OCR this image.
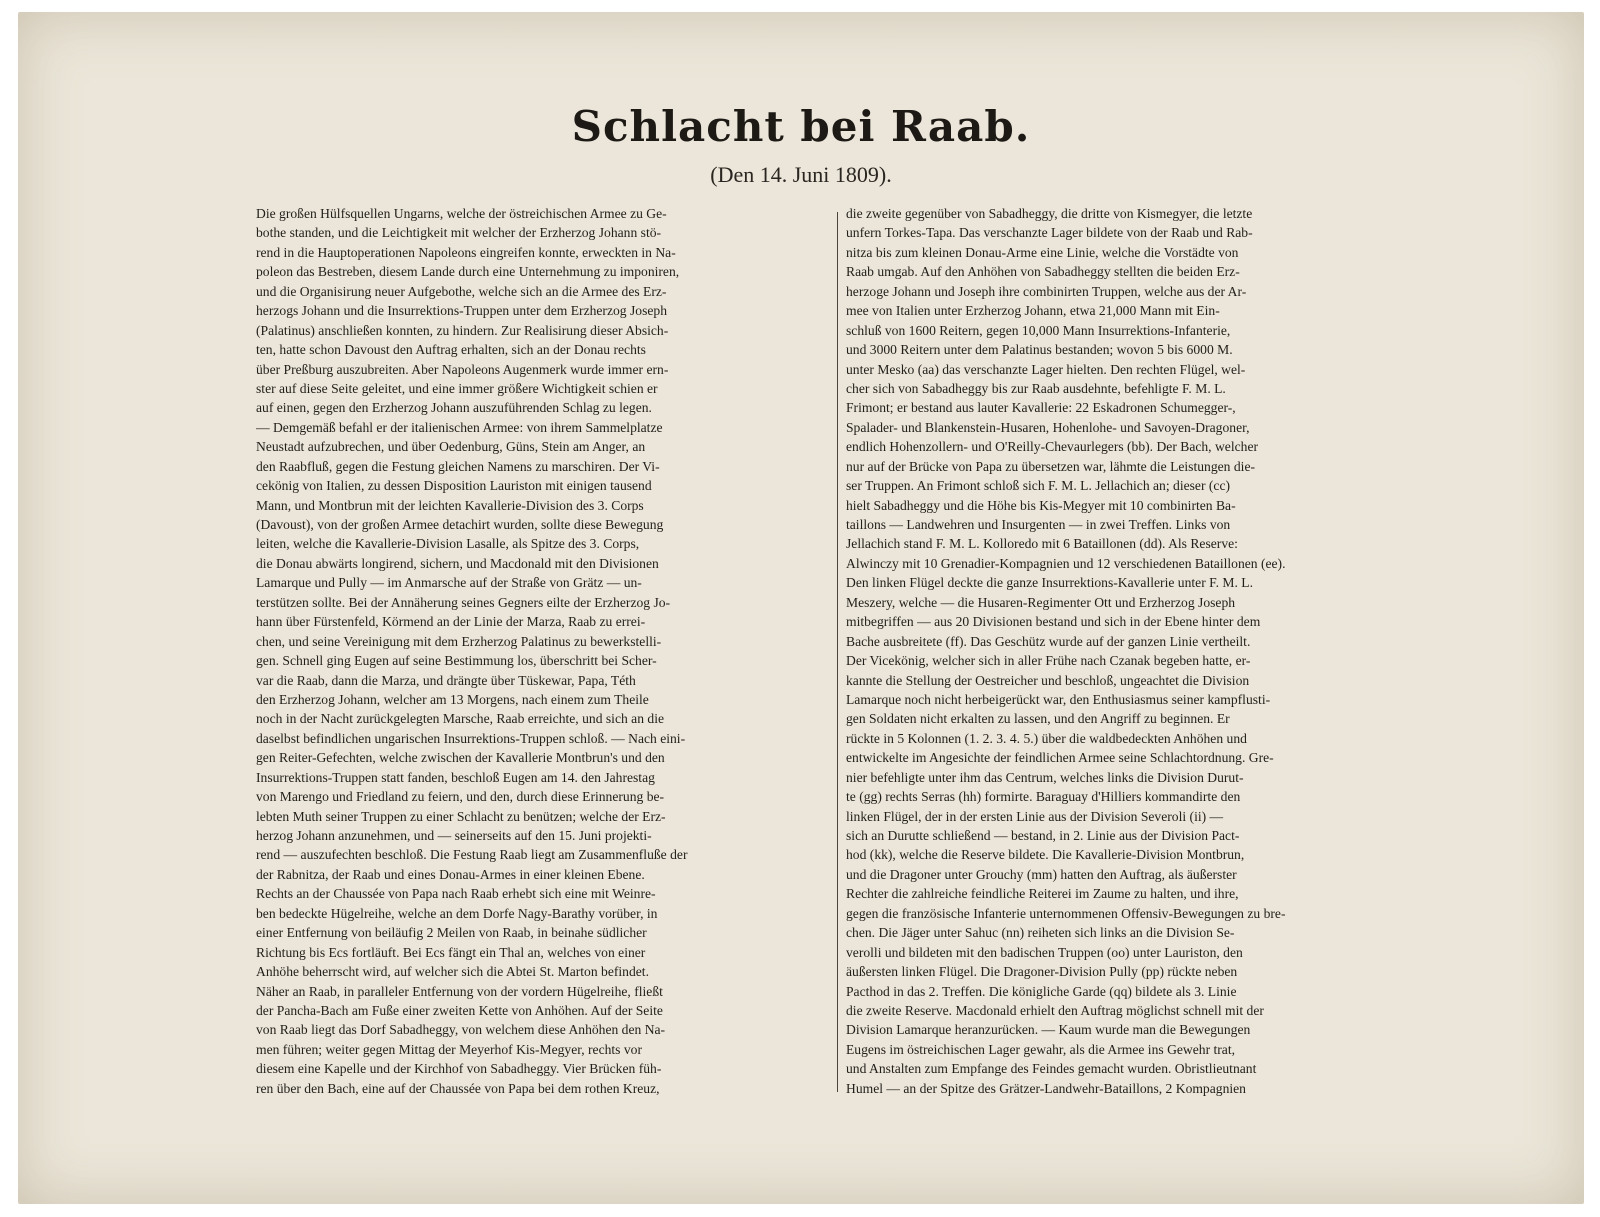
Schlacht bei Raab.
(Den 14. Juni 1809).
Die großen Hülfsquellen Ungarns, welche der östreichischen Armee zu Ge-
bothe standen, und die Leichtigkeit mit welcher der Erzherzog Johann stö-
rend in die Hauptoperationen Napoleons eingreifen konnte, erweckten in Na-
poleon das Bestreben, diesem Lande durch eine Unternehmung zu imponiren,
und die Organisirung neuer Aufgebothe, welche sich an die Armee des Erz-
herzogs Johann und die Insurrektions-Truppen unter dem Erzherzog Joseph
(Palatinus) anschließen konnten, zu hindern. Zur Realisirung dieser Absich-
ten, hatte schon Davoust den Auftrag erhalten, sich an der Donau rechts
über Preßburg auszubreiten. Aber Napoleons Augenmerk wurde immer ern-
ster auf diese Seite geleitet, und eine immer größere Wichtigkeit schien er
auf einen, gegen den Erzherzog Johann auszuführenden Schlag zu legen.
— Demgemäß befahl er der italienischen Armee: von ihrem Sammelplatze
Neustadt aufzubrechen, und über Oedenburg, Güns, Stein am Anger, an
den Raabfluß, gegen die Festung gleichen Namens zu marschiren. Der Vi-
cekönig von Italien, zu dessen Disposition Lauriston mit einigen tausend
Mann, und Montbrun mit der leichten Kavallerie-Division des 3. Corps
(Davoust), von der großen Armee detachirt wurden, sollte diese Bewegung
leiten, welche die Kavallerie-Division Lasalle, als Spitze des 3. Corps,
die Donau abwärts longirend, sichern, und Macdonald mit den Divisionen
Lamarque und Pully — im Anmarsche auf der Straße von Grätz — un-
terstützen sollte. Bei der Annäherung seines Gegners eilte der Erzherzog Jo-
hann über Fürstenfeld, Körmend an der Linie der Marza, Raab zu errei-
chen, und seine Vereinigung mit dem Erzherzog Palatinus zu bewerkstelli-
gen. Schnell ging Eugen auf seine Bestimmung los, überschritt bei Scher-
var die Raab, dann die Marza, und drängte über Tüskewar, Papa, Téth
den Erzherzog Johann, welcher am 13 Morgens, nach einem zum Theile
noch in der Nacht zurückgelegten Marsche, Raab erreichte, und sich an die
daselbst befindlichen ungarischen Insurrektions-Truppen schloß. — Nach eini-
gen Reiter-Gefechten, welche zwischen der Kavallerie Montbrun's und den
Insurrektions-Truppen statt fanden, beschloß Eugen am 14. den Jahrestag
von Marengo und Friedland zu feiern, und den, durch diese Erinnerung be-
lebten Muth seiner Truppen zu einer Schlacht zu benützen; welche der Erz-
herzog Johann anzunehmen, und — seinerseits auf den 15. Juni projekti-
rend — auszufechten beschloß. Die Festung Raab liegt am Zusammenfluße der
der Rabnitza, der Raab und eines Donau-Armes in einer kleinen Ebene.
Rechts an der Chaussée von Papa nach Raab erhebt sich eine mit Weinre-
ben bedeckte Hügelreihe, welche an dem Dorfe Nagy-Barathy vorüber, in
einer Entfernung von beiläufig 2 Meilen von Raab, in beinahe südlicher
Richtung bis Ecs fortläuft. Bei Ecs fängt ein Thal an, welches von einer
Anhöhe beherrscht wird, auf welcher sich die Abtei St. Marton befindet.
Näher an Raab, in paralleler Entfernung von der vordern Hügelreihe, fließt
der Pancha-Bach am Fuße einer zweiten Kette von Anhöhen. Auf der Seite
von Raab liegt das Dorf Sabadheggy, von welchem diese Anhöhen den Na-
men führen; weiter gegen Mittag der Meyerhof Kis-Megyer, rechts vor
diesem eine Kapelle und der Kirchhof von Sabadheggy. Vier Brücken füh-
ren über den Bach, eine auf der Chaussée von Papa bei dem rothen Kreuz,
die zweite gegenüber von Sabadheggy, die dritte von Kismegyer, die letzte
unfern Torkes-Tapa. Das verschanzte Lager bildete von der Raab und Rab-
nitza bis zum kleinen Donau-Arme eine Linie, welche die Vorstädte von
Raab umgab. Auf den Anhöhen von Sabadheggy stellten die beiden Erz-
herzoge Johann und Joseph ihre combinirten Truppen, welche aus der Ar-
mee von Italien unter Erzherzog Johann, etwa 21,000 Mann mit Ein-
schluß von 1600 Reitern, gegen 10,000 Mann Insurrektions-Infanterie,
und 3000 Reitern unter dem Palatinus bestanden; wovon 5 bis 6000 M.
unter Mesko (aa) das verschanzte Lager hielten. Den rechten Flügel, wel-
cher sich von Sabadheggy bis zur Raab ausdehnte, befehligte F. M. L.
Frimont; er bestand aus lauter Kavallerie: 22 Eskadronen Schumegger-,
Spalader- und Blankenstein-Husaren, Hohenlohe- und Savoyen-Dragoner,
endlich Hohenzollern- und O'Reilly-Chevaurlegers (bb). Der Bach, welcher
nur auf der Brücke von Papa zu übersetzen war, lähmte die Leistungen die-
ser Truppen. An Frimont schloß sich F. M. L. Jellachich an; dieser (cc)
hielt Sabadheggy und die Höhe bis Kis-Megyer mit 10 combinirten Ba-
taillons — Landwehren und Insurgenten — in zwei Treffen. Links von
Jellachich stand F. M. L. Kolloredo mit 6 Bataillonen (dd). Als Reserve:
Alwinczy mit 10 Grenadier-Kompagnien und 12 verschiedenen Bataillonen (ee).
Den linken Flügel deckte die ganze Insurrektions-Kavallerie unter F. M. L.
Meszery, welche — die Husaren-Regimenter Ott und Erzherzog Joseph
mitbegriffen — aus 20 Divisionen bestand und sich in der Ebene hinter dem
Bache ausbreitete (ff). Das Geschütz wurde auf der ganzen Linie vertheilt.
Der Vicekönig, welcher sich in aller Frühe nach Czanak begeben hatte, er-
kannte die Stellung der Oestreicher und beschloß, ungeachtet die Division
Lamarque noch nicht herbeigerückt war, den Enthusiasmus seiner kampflusti-
gen Soldaten nicht erkalten zu lassen, und den Angriff zu beginnen. Er
rückte in 5 Kolonnen (1. 2. 3. 4. 5.) über die waldbedeckten Anhöhen und
entwickelte im Angesichte der feindlichen Armee seine Schlachtordnung. Gre-
nier befehligte unter ihm das Centrum, welches links die Division Durut-
te (gg) rechts Serras (hh) formirte. Baraguay d'Hilliers kommandirte den
linken Flügel, der in der ersten Linie aus der Division Severoli (ii) —
sich an Durutte schließend — bestand, in 2. Linie aus der Division Pact-
hod (kk), welche die Reserve bildete. Die Kavallerie-Division Montbrun,
und die Dragoner unter Grouchy (mm) hatten den Auftrag, als äußerster
Rechter die zahlreiche feindliche Reiterei im Zaume zu halten, und ihre,
gegen die französische Infanterie unternommenen Offensiv-Bewegungen zu bre-
chen. Die Jäger unter Sahuc (nn) reiheten sich links an die Division Se-
verolli und bildeten mit den badischen Truppen (oo) unter Lauriston, den
äußersten linken Flügel. Die Dragoner-Division Pully (pp) rückte neben
Pacthod in das 2. Treffen. Die königliche Garde (qq) bildete als 3. Linie
die zweite Reserve. Macdonald erhielt den Auftrag möglichst schnell mit der
Division Lamarque heranzurücken. — Kaum wurde man die Bewegungen
Eugens im östreichischen Lager gewahr, als die Armee ins Gewehr trat,
und Anstalten zum Empfange des Feindes gemacht wurden. Obristlieutnant
Humel — an der Spitze des Grätzer-Landwehr-Bataillons, 2 Kompagnien
